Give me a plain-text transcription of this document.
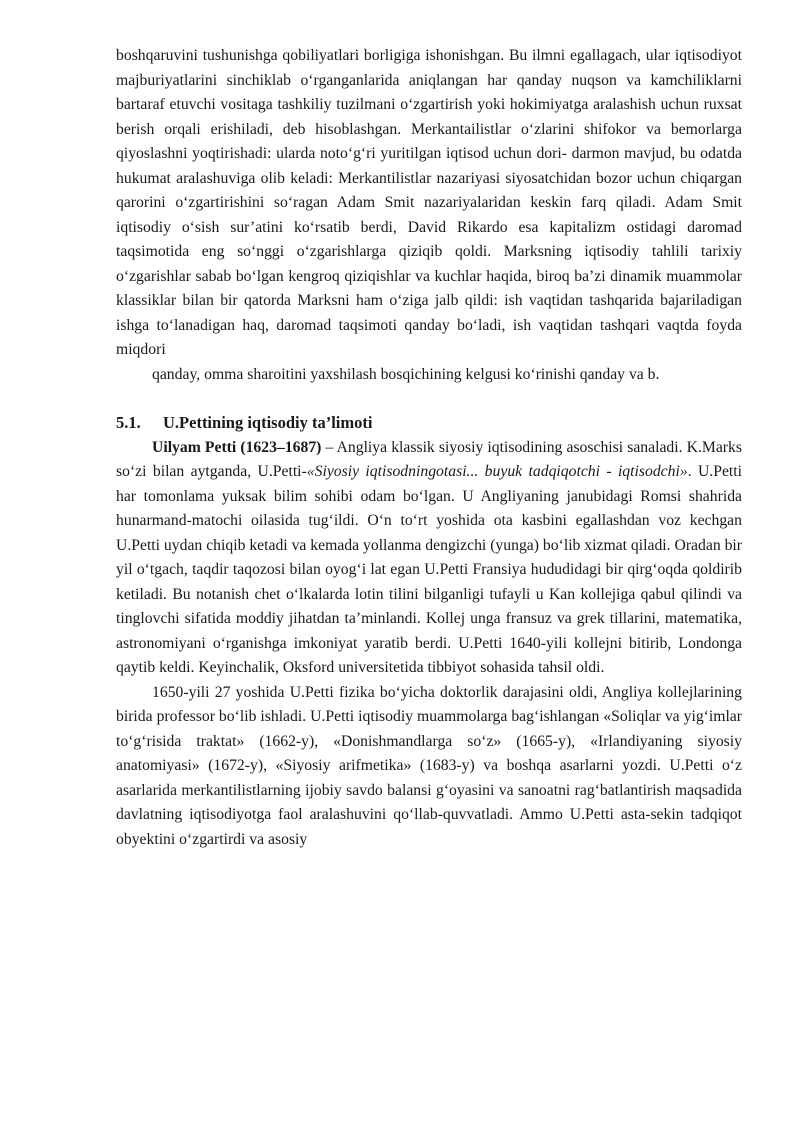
boshqaruvini tushunishga qobiliyatlari borligiga ishonishgan. Bu ilmni egallagach, ular iqtisodiyot majburiyatlarini sinchiklab o‘rganganlarida aniqlangan har qanday nuqson va kamchiliklarni bartaraf etuvchi vositaga tashkiliy tuzilmani o‘zgartirish yoki hokimiyatga aralashish uchun ruxsat berish orqali erishiladi, deb hisoblashgan. Merkantailistlar o‘zlarini shifokor va bemorlarga qiyoslashni yoqtirishadi: ularda noto‘g‘ri yuritilgan iqtisod uchun dori- darmon mavjud, bu odatda hukumat aralashuviga olib keladi: Merkantilistlar nazariyasi siyosatchidan bozor uchun chiqargan qarorini o‘zgartirishini so‘ragan Adam Smit nazariyalaridan keskin farq qiladi. Adam Smit iqtisodiy o‘sish sur’atini ko‘rsatib berdi, David Rikardo esa kapitalizm ostidagi daromad taqsimotida eng so‘nggi o‘zgarishlarga qiziqib qoldi. Marksning iqtisodiy tahlili tarixiy o‘zgarishlar sabab bo‘lgan kengroq qiziqishlar va kuchlar haqida, biroq ba’zi dinamik muammolar klassiklar bilan bir qatorda Marksni ham o‘ziga jalb qildi: ish vaqtidan tashqarida bajariladigan ishga to‘lanadigan haq, daromad taqsimoti qanday bo‘ladi, ish vaqtidan tashqari vaqtda foyda miqdori

qanday, omma sharoitini yaxshilash bosqichining kelgusi ko‘rinishi qanday va b.

5.1. U.Pettining iqtisodiy ta’limoti

Uilyam Petti (1623–1687) – Angliya klassik siyosiy iqtisodining asoschisi sanaladi. K.Marks so‘zi bilan aytganda, U.Petti-«Siyosiy iqtisodningotasi... buyuk tadqiqotchi - iqtisodchi». U.Petti har tomonlama yuksak bilim sohibi odam bo‘lgan. U Angliyaning janubidagi Romsi shahrida hunarmand-matochi oilasida tug‘ildi. O‘n to‘rt yoshida ota kasbini egallashdan voz kechgan U.Petti uydan chiqib ketadi va kemada yollanma dengizchi (yunga) bo‘lib xizmat qiladi. Oradan bir yil o‘tgach, taqdir taqozosi bilan oyog‘i lat egan U.Petti Fransiya hududidagi bir qirg‘oqda qoldirib ketiladi. Bu notanish chet o‘lkalarda lotin tilini bilganligi tufayli u Kan kollejiga qabul qilindi va tinglovchi sifatida moddiy jihatdan ta’minlandi. Kollej unga fransuz va grek tillarini, matematika, astronomiyani o‘rganishga imkoniyat yaratib berdi. U.Petti 1640-yili kollejni bitirib, Londonga qaytib keldi. Keyinchalik, Oksford universitetida tibbiyot sohasida tahsil oldi.

1650-yili 27 yoshida U.Petti fizika bo‘yicha doktorlik darajasini oldi, Angliya kollejlarining birida professor bo‘lib ishladi. U.Petti iqtisodiy muammolarga bag‘ishlangan «Soliqlar va yig‘imlar to‘g‘risida traktat» (1662-y), «Donishmandlarga so‘z» (1665-y), «Irlandiyaning siyosiy anatomiyasi» (1672-y), «Siyosiy arifmetika» (1683-y) va boshqa asarlarni yozdi. U.Petti o‘z asarlarida merkantilistlarning ijobiy savdo balansi g‘oyasini va sanoatni rag‘batlantirish maqsadida davlatning iqtisodiyotga faol aralashuvini qo‘llab-quvvatladi. Ammo U.Petti asta-sekin tadqiqot obyektini o‘zgartirdi va asosiy
